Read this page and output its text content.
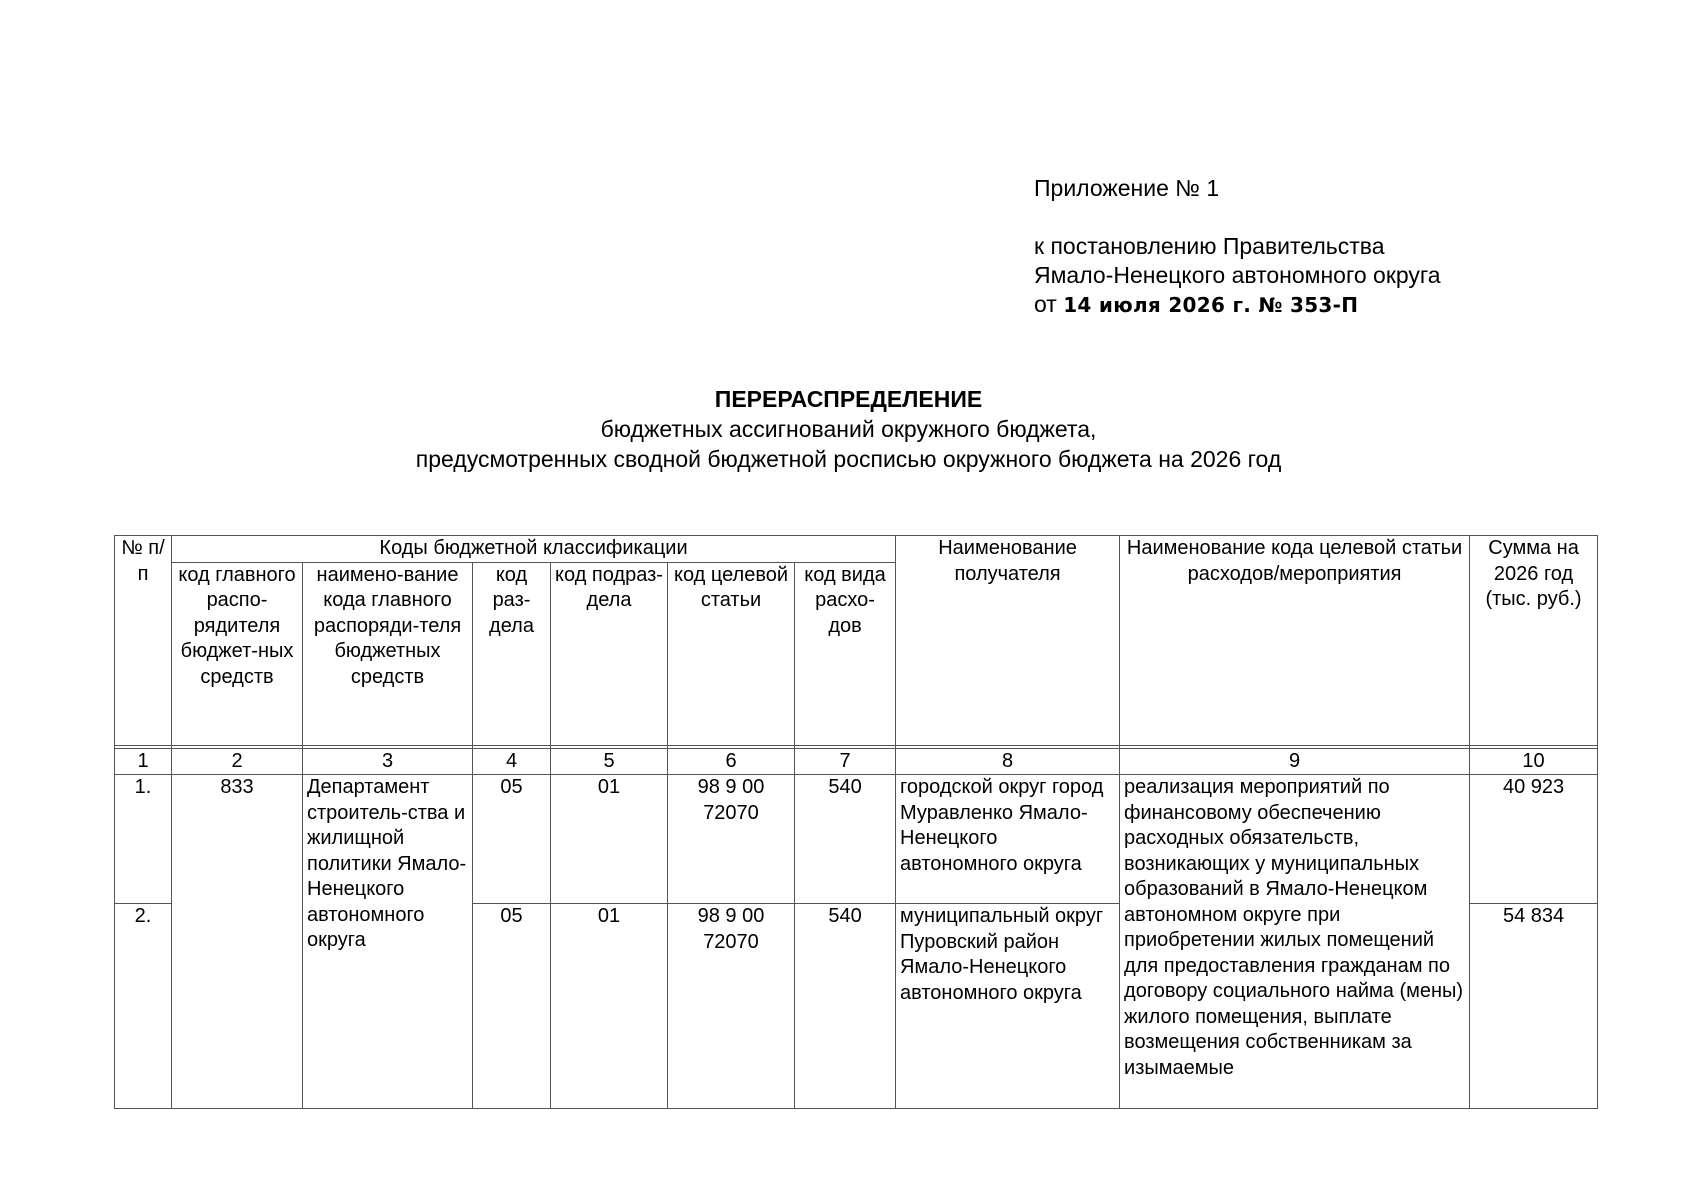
Приложение № 1
к постановлению Правительства
Ямало-Ненецкого автономного округа
от 14 июля 2026 г. № 353-П
ПЕРЕРАСПРЕДЕЛЕНИЕ
бюджетных ассигнований окружного бюджета,
предусмотренных сводной бюджетной росписью окружного бюджета на 2026 год
№ п/п	Коды бюджетной классификации						Наименование получателя	Наименование кода целевой статьи расходов/мероприятия	Сумма на 2026 год (тыс. руб.)
	код главного распо-рядителя бюджет-ных средств	наимено-вание кода главного распоряди-теля бюджетных средств	код раз-дела	код подраз-дела	код целевой статьи	код вида расхо-дов			

1	2	3	4	5	6	7	8	9	10
1.	833	Департамент строитель-ства и жилищной политики Ямало-Ненецкого автономного округа	05	01	98 9 00 72070	540	городской округ город Муравленко Ямало-Ненецкого автономного округа	реализация мероприятий по финансовому обеспечению расходных обязательств, возникающих у муниципальных образований в Ямало-Ненецком автономном округе при приобретении жилых помещений для предоставления гражданам по договору социального найма (мены) жилого помещения, выплате возмещения собственникам за изымаемые	40 923
2.			05	01	98 9 00 72070	540	муниципальный округ Пуровский район Ямало-Ненецкого автономного округа		54 834
